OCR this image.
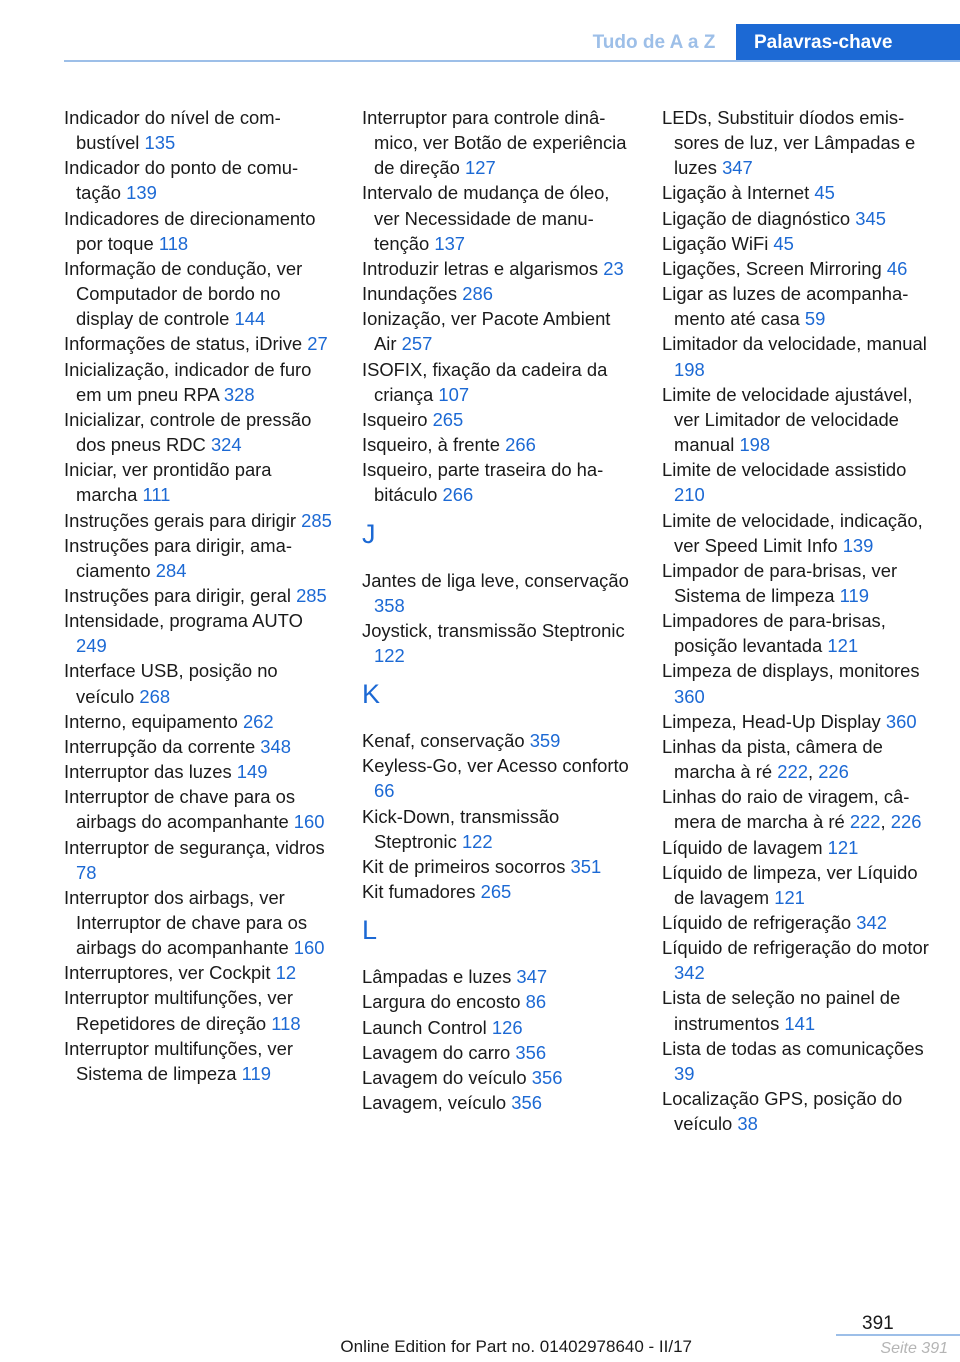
Tudo de A a Z	Palavras-chave
Indicador do nível de combustível 135
Indicador do ponto de comutação 139
Indicadores de direcionamento por toque 118
Informação de condução, ver Computador de bordo no display de controle 144
Informações de status, iDrive 27
Inicialização, indicador de furo em um pneu RPA 328
Inicializar, controle de pressão dos pneus RDC 324
Iniciar, ver prontidão para marcha 111
Instruções gerais para dirigir 285
Instruções para dirigir, amaciamento 284
Instruções para dirigir, geral 285
Intensidade, programa AUTO 249
Interface USB, posição no veículo 268
Interno, equipamento 262
Interrupção da corrente 348
Interruptor das luzes 149
Interruptor de chave para os airbags do acompanhante 160
Interruptor de segurança, vidros 78
Interruptor dos airbags, ver Interruptor de chave para os airbags do acompanhante 160
Interruptores, ver Cockpit 12
Interruptor multifunções, ver Repetidores de direção 118
Interruptor multifunções, ver Sistema de limpeza 119
Interruptor para controle dinâmico, ver Botão de experiência de direção 127
Intervalo de mudança de óleo, ver Necessidade de manutenção 137
Introduzir letras e algarismos 23
Inundações 286
Ionização, ver Pacote Ambient Air 257
ISOFIX, fixação da cadeira da criança 107
Isqueiro 265
Isqueiro, à frente 266
Isqueiro, parte traseira do habitáculo 266
J
Jantes de liga leve, conservação 358
Joystick, transmissão Steptronic 122
K
Kenaf, conservação 359
Keyless-Go, ver Acesso conforto 66
Kick-Down, transmissão Steptronic 122
Kit de primeiros socorros 351
Kit fumadores 265
L
Lâmpadas e luzes 347
Largura do encosto 86
Launch Control 126
Lavagem do carro 356
Lavagem do veículo 356
Lavagem, veículo 356
LEDs, Substituir díodos emissores de luz, ver Lâmpadas e luzes 347
Ligação à Internet 45
Ligação de diagnóstico 345
Ligação WiFi 45
Ligações, Screen Mirroring 46
Ligar as luzes de acompanhamento até casa 59
Limitador da velocidade, manual 198
Limite de velocidade ajustável, ver Limitador de velocidade manual 198
Limite de velocidade assistido 210
Limite de velocidade, indicação, ver Speed Limit Info 139
Limpador de para-brisas, ver Sistema de limpeza 119
Limpadores de para-brisas, posição levantada 121
Limpeza de displays, monitores 360
Limpeza, Head-Up Display 360
Linhas da pista, câmera de marcha à ré 222, 226
Linhas do raio de viragem, câmera de marcha à ré 222, 226
Líquido de lavagem 121
Líquido de limpeza, ver Líquido de lavagem 121
Líquido de refrigeração 342
Líquido de refrigeração do motor 342
Lista de seleção no painel de instrumentos 141
Lista de todas as comunicações 39
Localização GPS, posição do veículo 38
391
Online Edition for Part no. 01402978640 - II/17	Seite 391
